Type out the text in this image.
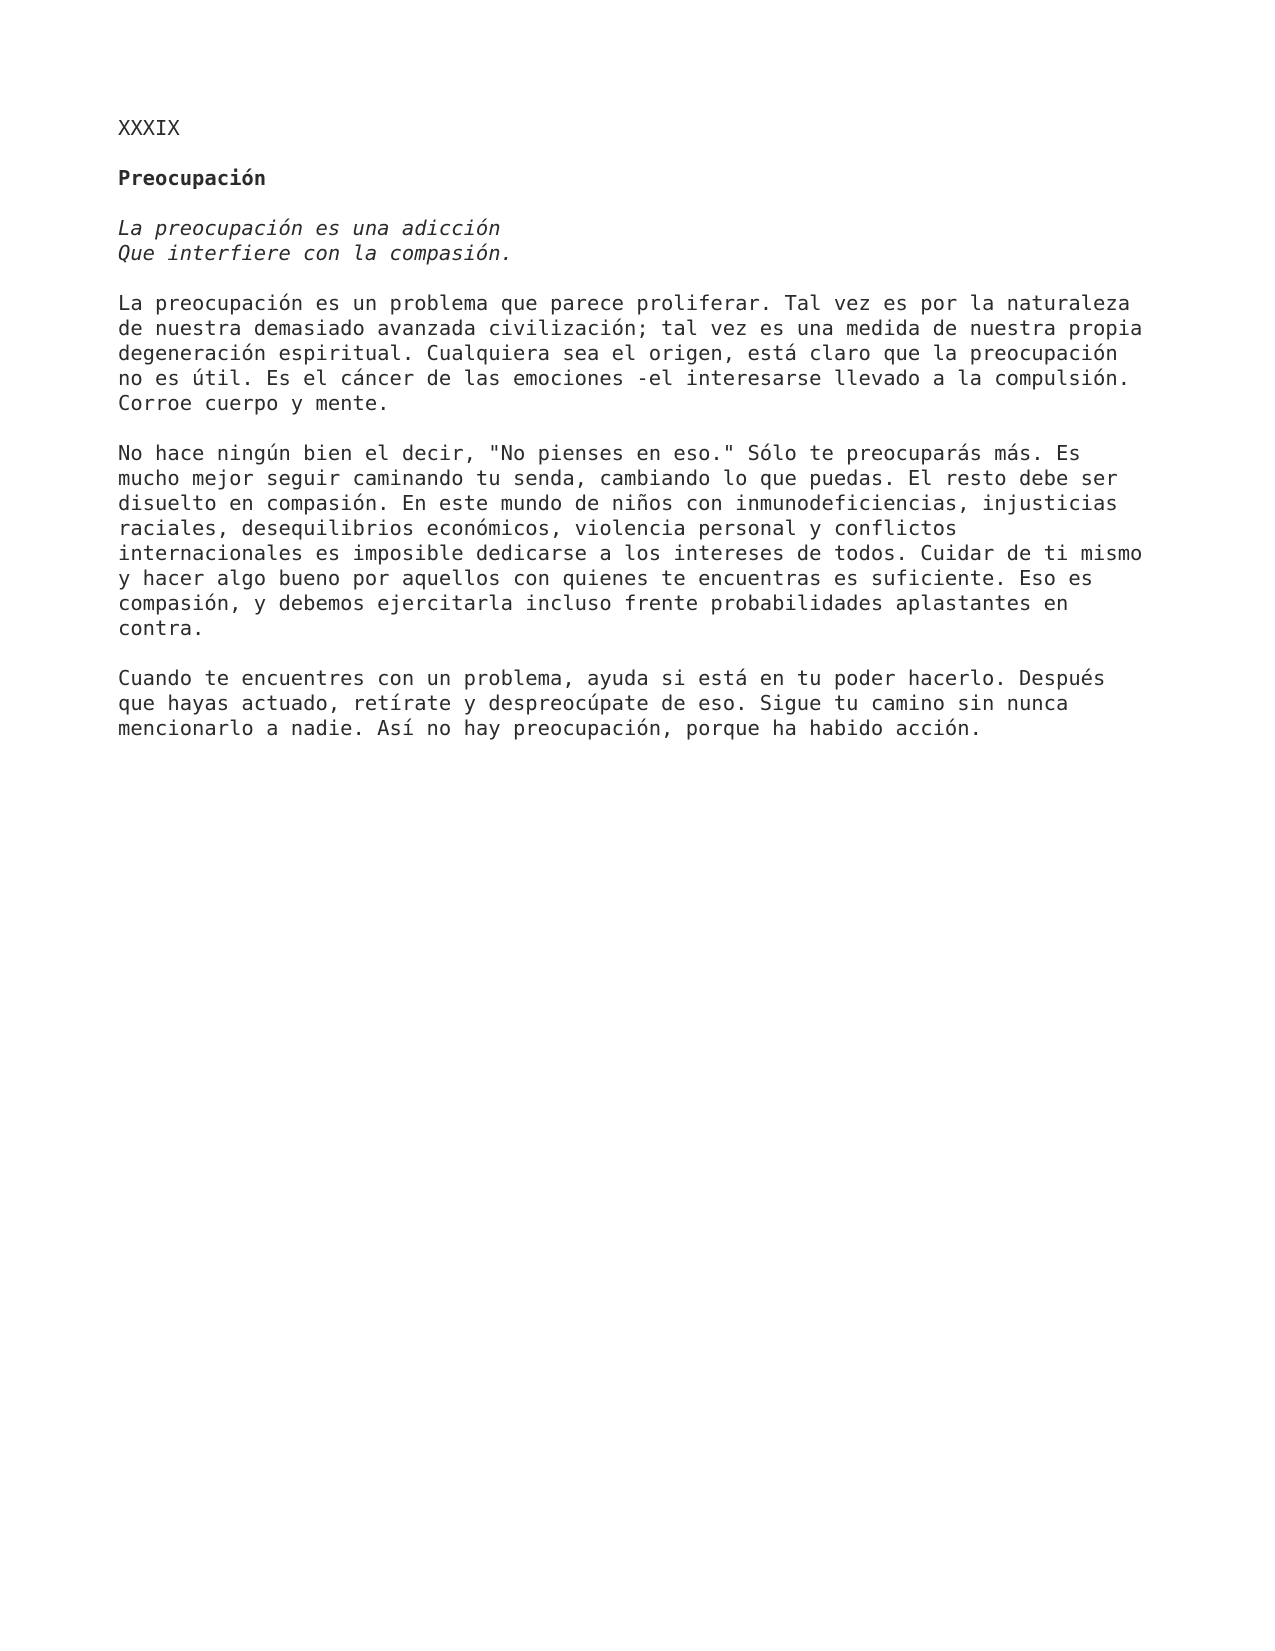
XXXIX
Preocupación
La preocupación es una adicción
Que interfiere con la compasión.
La preocupación es un problema que parece proliferar. Tal vez es por la naturaleza
de nuestra demasiado avanzada civilización; tal vez es una medida de nuestra propia
degeneración espiritual. Cualquiera sea el origen, está claro que la preocupación
no es útil. Es el cáncer de las emociones -el interesarse llevado a la compulsión.
Corroe cuerpo y mente.
No hace ningún bien el decir, "No pienses en eso." Sólo te preocuparás más. Es
mucho mejor seguir caminando tu senda, cambiando lo que puedas. El resto debe ser
disuelto en compasión. En este mundo de niños con inmunodeficiencias, injusticias
raciales, desequilibrios económicos, violencia personal y conflictos
internacionales es imposible dedicarse a los intereses de todos. Cuidar de ti mismo
y hacer algo bueno por aquellos con quienes te encuentras es suficiente. Eso es
compasión, y debemos ejercitarla incluso frente probabilidades aplastantes en
contra.
Cuando te encuentres con un problema, ayuda si está en tu poder hacerlo. Después
que hayas actuado, retírate y despreocúpate de eso. Sigue tu camino sin nunca
mencionarlo a nadie. Así no hay preocupación, porque ha habido acción.
